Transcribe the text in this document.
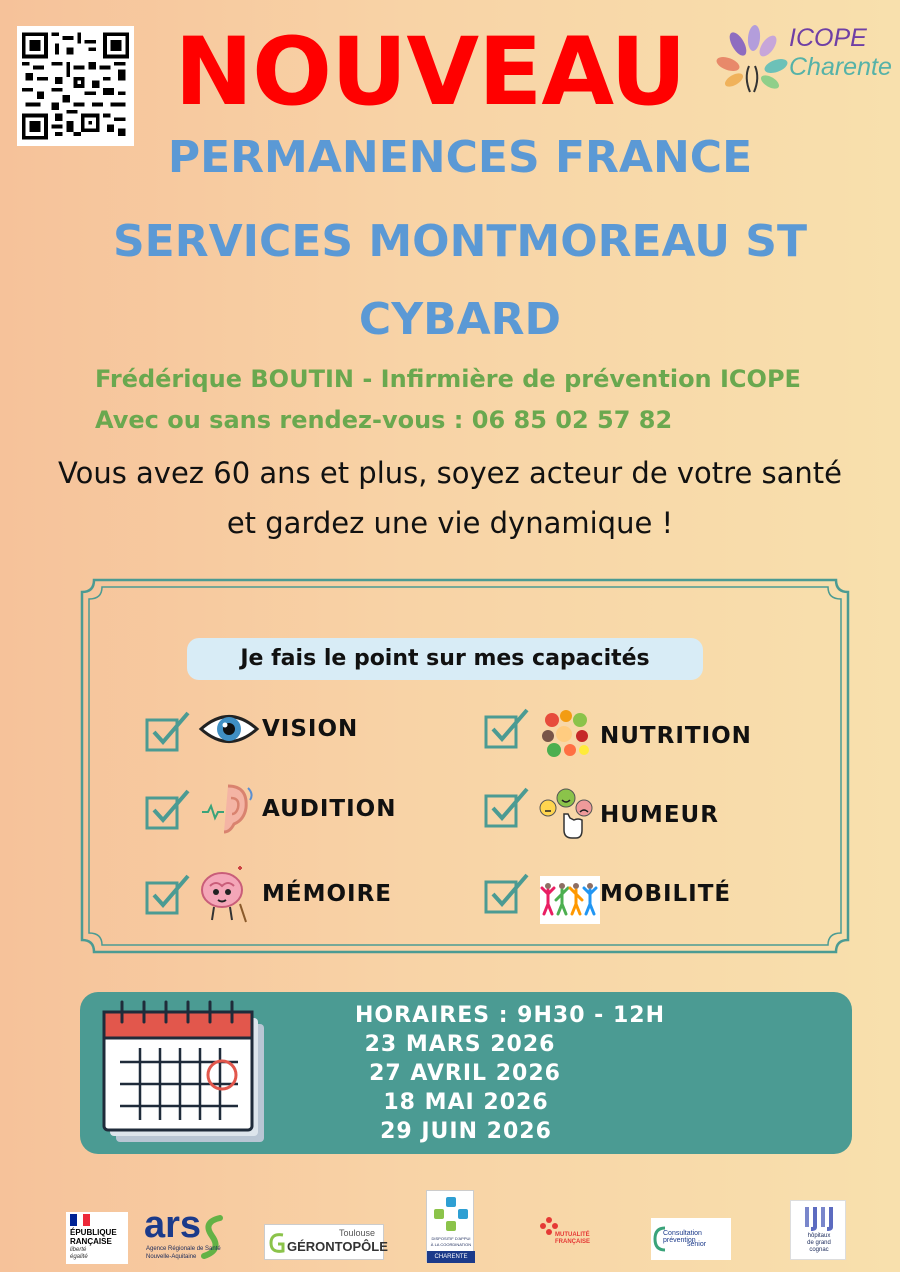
NOUVEAU	ICOPE
Charente
PERMANENCES FRANCE
SERVICES MONTMOREAU ST
CYBARD
Frédérique BOUTIN - Infirmière de prévention ICOPE
Avec ou sans rendez-vous : 06 85 02 57 82
Vous avez 60 ans et plus, soyez acteur de votre santé et gardez une vie dynamique !
Je fais le point sur mes capacités
VISION
AUDITION
MÉMOIRE
NUTRITION
HUMEUR
MOBILITÉ
HORAIRES : 9H30 - 12H
23 MARS 2026
27 AVRIL 2026
18 MAI 2026
29 JUIN 2026
ÉPUBLIQUE
RANÇAISE
liberté
égalité
ars
Agence Régionale de Santé
Nouvelle-Aquitaine
Toulouse
GÉRONTOPÔLE
DISPOSITIF D'APPUI
À LA COORDINATION
CHARENTE
MUTUALITÉ
FRANÇAISE
Consultation prévention
sénior
hôpitaux
de grand
cognac
